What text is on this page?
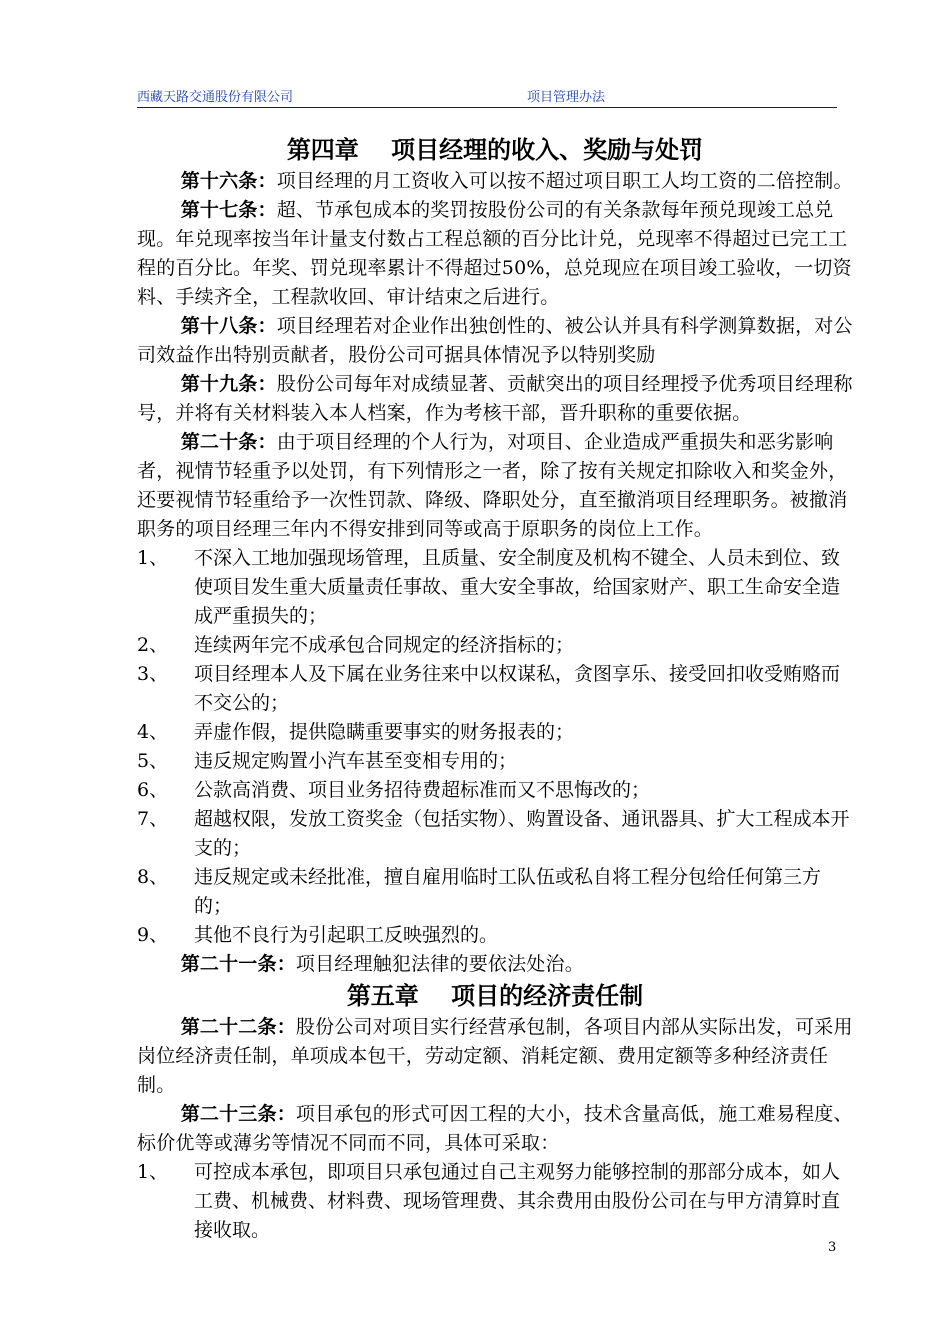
西藏天路交通股份有限公司	项目管理办法
第四章　 项目经理的收入、奖励与处罚

第十六条：项目经理的月工资收入可以按不超过项目职工人均工资的二倍控制。

第十七条：超、节承包成本的奖罚按股份公司的有关条款每年预兑现竣工总兑现。年兑现率按当年计量支付数占工程总额的百分比计兑，兑现率不得超过已完工工程的百分比。年奖、罚兑现率累计不得超过50%，总兑现应在项目竣工验收，一切资料、手续齐全，工程款收回、审计结束之后进行。

第十八条：项目经理若对企业作出独创性的、被公认并具有科学测算数据，对公司效益作出特别贡献者，股份公司可据具体情况予以特别奖励

第十九条：股份公司每年对成绩显著、贡献突出的项目经理授予优秀项目经理称号，并将有关材料装入本人档案，作为考核干部，晋升职称的重要依据。

第二十条：由于项目经理的个人行为，对项目、企业造成严重损失和恶劣影响者，视情节轻重予以处罚，有下列情形之一者，除了按有关规定扣除收入和奖金外，还要视情节轻重给予一次性罚款、降级、降职处分，直至撤消项目经理职务。被撤消职务的项目经理三年内不得安排到同等或高于原职务的岗位上工作。

1、	不深入工地加强现场管理，且质量、安全制度及机构不键全、人员未到位、致使项目发生重大质量责任事故、重大安全事故，给国家财产、职工生命安全造成严重损失的；
2、	连续两年完不成承包合同规定的经济指标的；
3、	项目经理本人及下属在业务往来中以权谋私，贪图享乐、接受回扣收受贿赂而不交公的；
4、	弄虚作假，提供隐瞒重要事实的财务报表的；
5、	违反规定购置小汽车甚至变相专用的；
6、	公款高消费、项目业务招待费超标准而又不思悔改的；
7、	超越权限，发放工资奖金（包括实物）、购置设备、通讯器具、扩大工程成本开支的；
8、	违反规定或未经批准，擅自雇用临时工队伍或私自将工程分包给任何第三方的；
9、	其他不良行为引起职工反映强烈的。

第二十一条：项目经理触犯法律的要依法处治。

第五章　 项目的经济责任制

第二十二条：股份公司对项目实行经营承包制，各项目内部从实际出发，可采用岗位经济责任制，单项成本包干，劳动定额、消耗定额、费用定额等多种经济责任制。

第二十三条：项目承包的形式可因工程的大小，技术含量高低，施工难易程度、标价优等或薄劣等情况不同而不同，具体可采取：

1、	可控成本承包，即项目只承包通过自己主观努力能够控制的那部分成本，如人工费、机械费、材料费、现场管理费、其余费用由股份公司在与甲方清算时直接收取。
3
